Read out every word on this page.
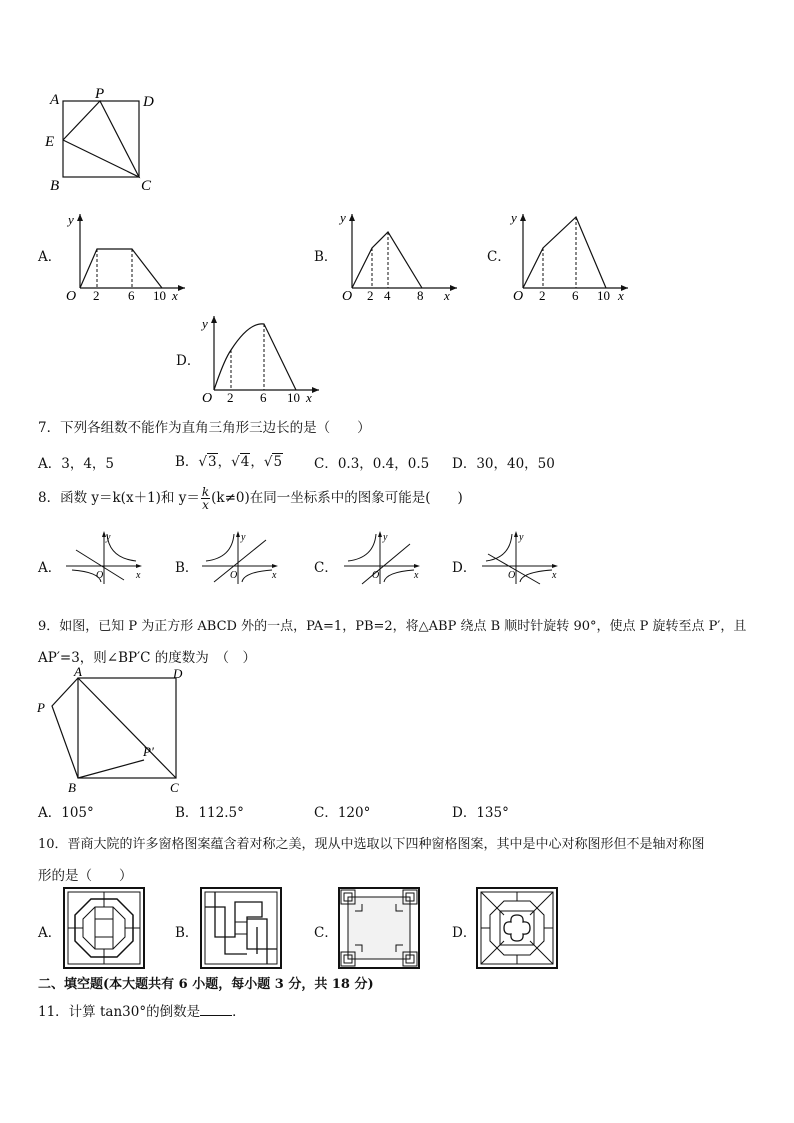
A P	D
E
B	C
A．
y
O 2 6 10 x
B．
y
O 2 4 8 x
C．
y
O 2 6 10 x
D．
y
O 2 6 10 x
7．下列各组数不能作为直角三角形三边长的是（　　）
A．3，4，5	B．√3，√4，√5 C．0.3，0.4，0.5 D．30，40，50
8．函数 y＝k(x＋1)和 $y= \frac{k}{x} (k\ne 0)$在同一坐标系中的图象可能是(　　)
A．	O
y
x	B．	O
y
x	C．	O
y
x D．	O
y
x
9．如图，已知 P 为正方形 ABCD 外的一点，PA=1，PB=2，将△ABP 绕点 B 顺时针旋转 90°，使点 P 旋转至点 P′，且
AP′=3，则∠BP′C 的度数为　（　）
A	D
P
P′
B	C
A．105°	B．112.5°	C．120°	D．135°
10．晋商大院的许多窗格图案蕴含着对称之美，现从中选取以下四种窗格图案，其中是中心对称图形但不是轴对称图
形的是（　　）
A．	B．	C．	D．
二、填空题(本大题共有 6 小题，每小题 3 分，共 18 分)
11．计算 tan30°的倒数是 ．
